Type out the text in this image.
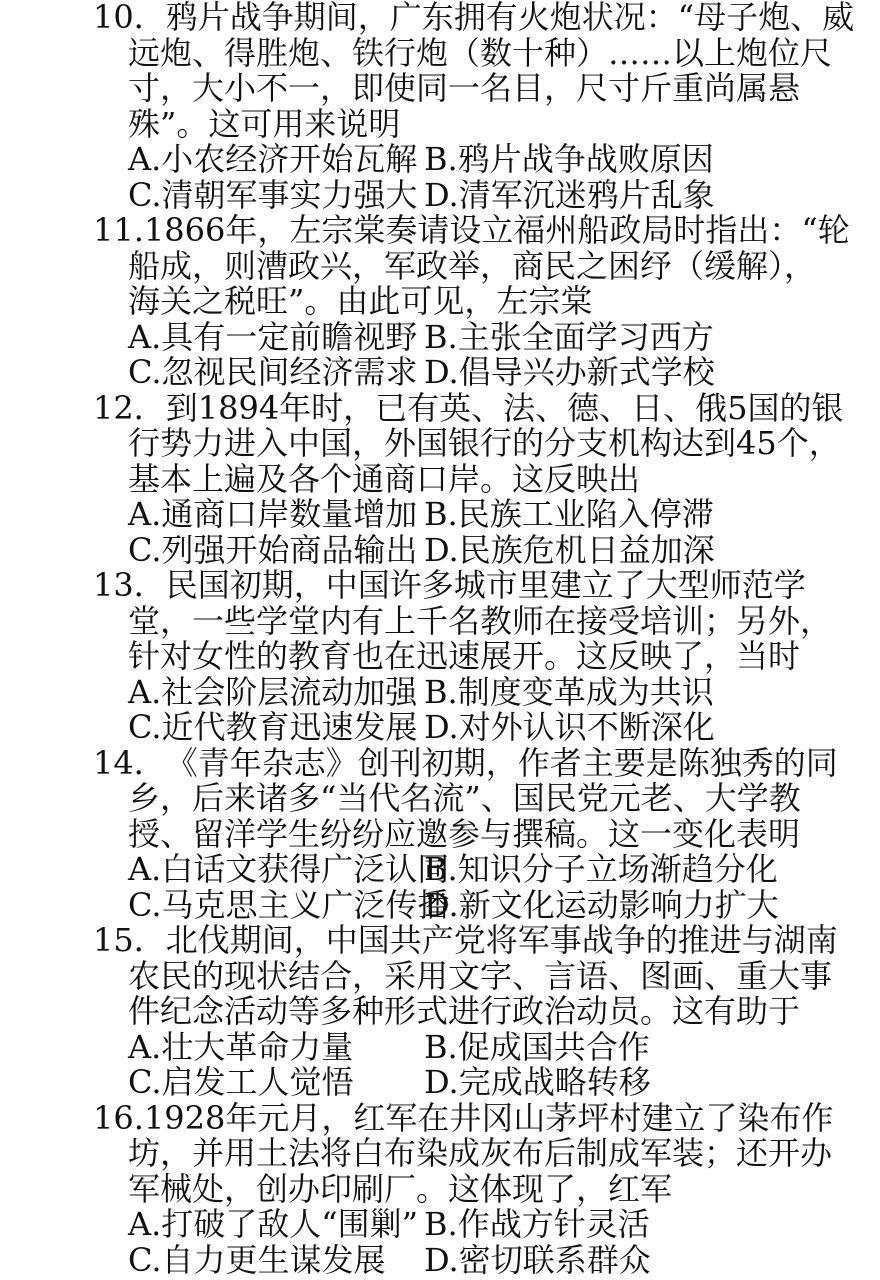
10．鸦片战争期间，广东拥有火炮状况：“母子炮、威
远炮、得胜炮、铁行炮（数十种）……以上炮位尺
寸，大小不一，即使同一名目，尺寸斤重尚属悬
殊”。这可用来说明
A.小农经济开始瓦解 B.鸦片战争战败原因
C.清朝军事实力强大 D.清军沉迷鸦片乱象
11.1866年，左宗棠奏请设立福州船政局时指出：“轮
船成，则漕政兴，军政举，商民之困纾（缓解），
海关之税旺”。由此可见，左宗棠
A.具有一定前瞻视野 B.主张全面学习西方
C.忽视民间经济需求 D.倡导兴办新式学校
12．到1894年时，已有英、法、德、日、俄5国的银
行势力进入中国，外国银行的分支机构达到45个，
基本上遍及各个通商口岸。这反映出
A.通商口岸数量增加 B.民族工业陷入停滞
C.列强开始商品输出 D.民族危机日益加深
13．民国初期，中国许多城市里建立了大型师范学
堂，一些学堂内有上千名教师在接受培训；另外，
针对女性的教育也在迅速展开。这反映了，当时
A.社会阶层流动加强 B.制度变革成为共识
C.近代教育迅速发展 D.对外认识不断深化
14．《青年杂志》创刊初期，作者主要是陈独秀的同
乡，后来诸多“当代名流”、国民党元老、大学教
授、留洋学生纷纷应邀参与撰稿。这一变化表明
A.白话文获得广泛认同B.知识分子立场渐趋分化
C.马克思主义广泛传播D.新文化运动影响力扩大
15．北伐期间，中国共产党将军事战争的推进与湖南
农民的现状结合，采用文字、言语、图画、重大事
件纪念活动等多种形式进行政治动员。这有助于
A.壮大革命力量 B.促成国共合作
C.启发工人觉悟 D.完成战略转移
16.1928年元月，红军在井冈山茅坪村建立了染布作
坊，并用土法将白布染成灰布后制成军装；还开办
军械处，创办印刷厂。这体现了，红军
A.打破了敌人“围剿” B.作战方针灵活
C.自力更生谋发展 D.密切联系群众
